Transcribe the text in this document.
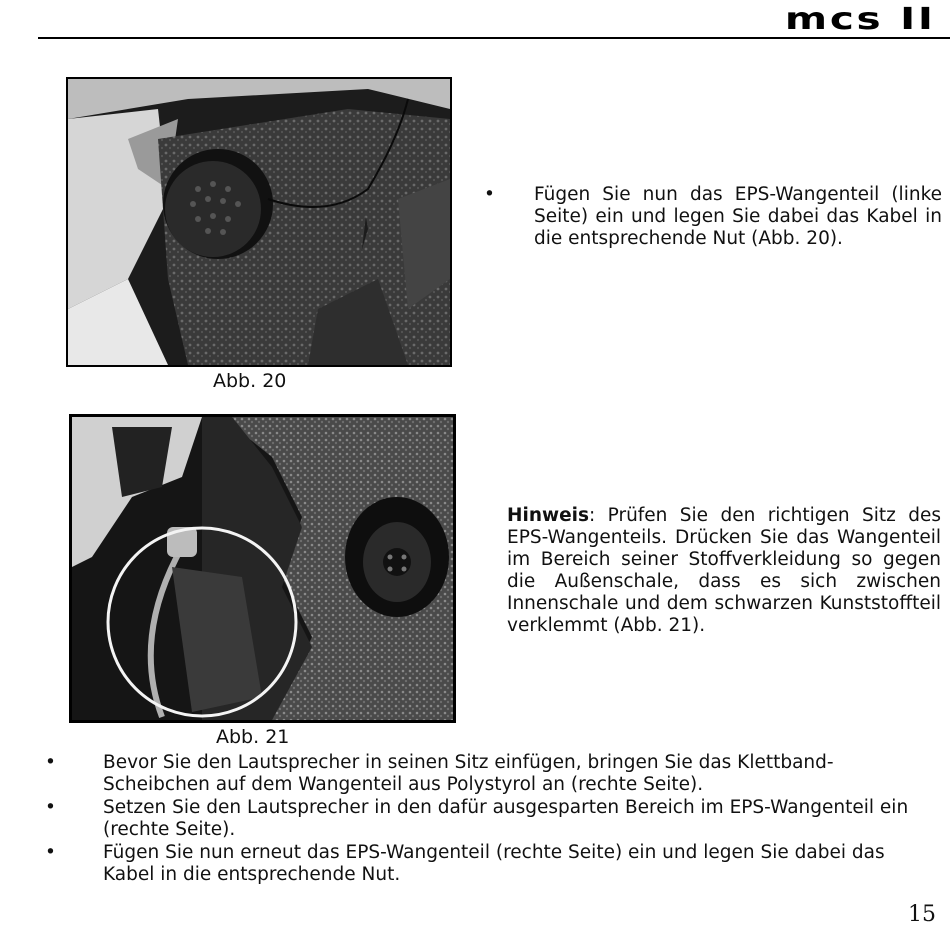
mcs II
Abb. 20
• Fügen Sie nun das EPS-Wangenteil (linke Seite) ein und legen Sie dabei das Kabel in die entsprechende Nut (Abb. 20).
Abb. 21
Hinweis: Prüfen Sie den richtigen Sitz des EPS-Wangenteils. Drücken Sie das Wangenteil im Bereich seiner Stoffverkleidung so gegen die Außenschale, dass es sich zwischen Innenschale und dem schwarzen Kunststoffteil verklemmt (Abb. 21).
•	Bevor Sie den Lautsprecher in seinen Sitz einfügen, bringen Sie das Klettband-Scheibchen auf dem Wangenteil aus Polystyrol an (rechte Seite).
•	Setzen Sie den Lautsprecher in den dafür ausgesparten Bereich im EPS-Wangenteil ein (rechte Seite).
•	Fügen Sie nun erneut das EPS-Wangenteil (rechte Seite) ein und legen Sie dabei das Kabel in die entsprechende Nut.
15
